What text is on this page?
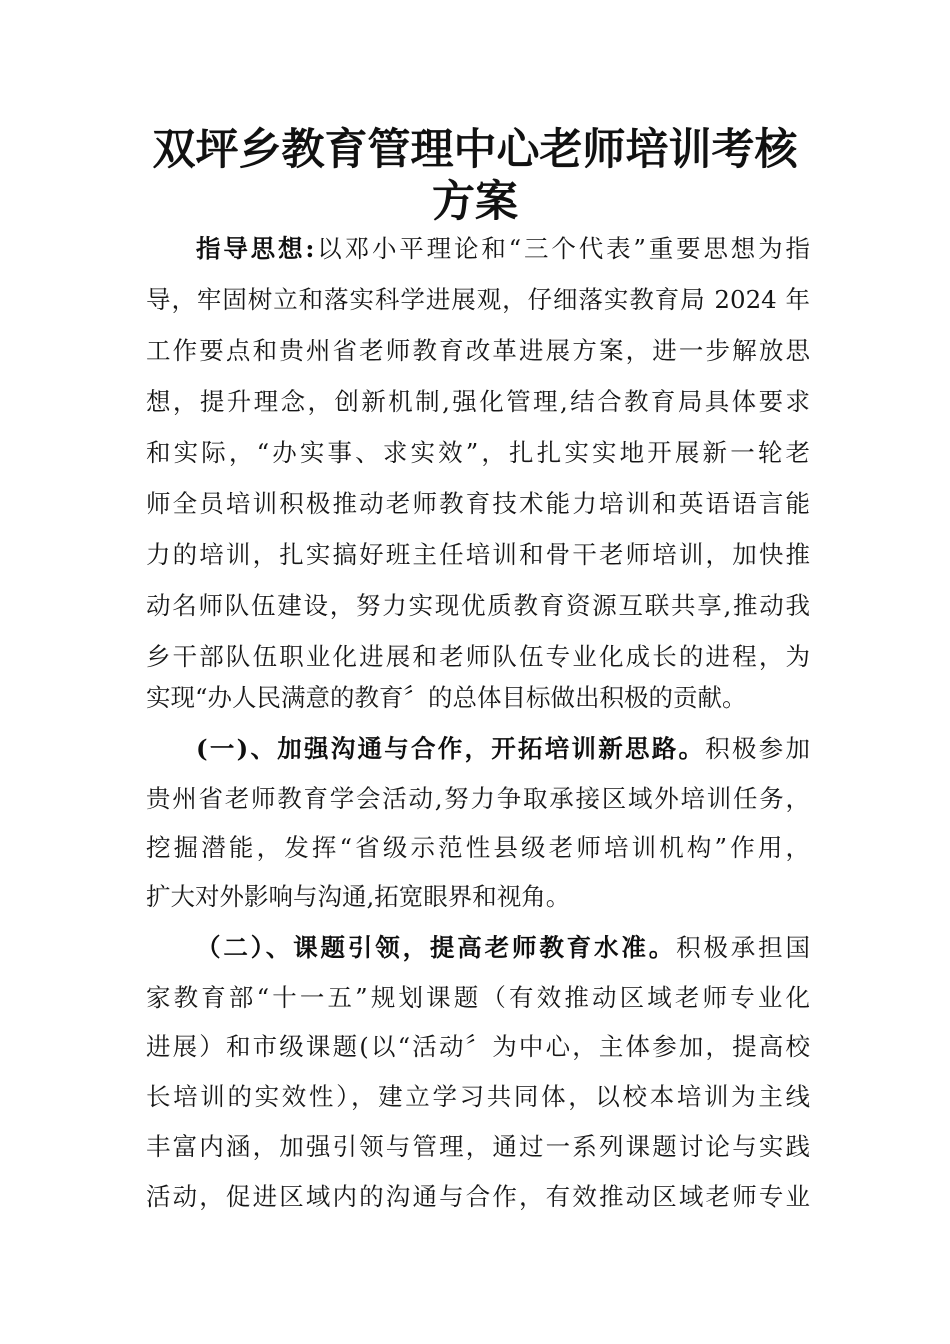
双坪乡教育管理中心老师培训考核
方案
指导思想:以邓小平理论和“三个代表”重要思想为指
导，牢固树立和落实科学进展观，仔细落实教育局 2024 年
工作要点和贵州省老师教育改革进展方案，进一步解放思
想，提升理念，创新机制,强化管理,结合教育局具体要求
和实际，“办实事、求实效”，扎扎实实地开展新一轮老
师全员培训积极推动老师教育技术能力培训和英语语言能
力的培训，扎实搞好班主任培训和骨干老师培训，加快推
动名师队伍建设，努力实现优质教育资源互联共享,推动我
乡干部队伍职业化进展和老师队伍专业化成长的进程，为
实现“办人民满意的教育〞的总体目标做出积极的贡献。
(一)、加强沟通与合作，开拓培训新思路。积极参加
贵州省老师教育学会活动,努力争取承接区域外培训任务，
挖掘潜能，发挥“省级示范性县级老师培训机构”作用，
扩大对外影响与沟通,拓宽眼界和视角。
（二）、课题引领，提高老师教育水准。积极承担国
家教育部“十一五”规划课题（有效推动区域老师专业化
进展）和市级课题(以“活动〞为中心，主体参加，提高校
长培训的实效性），建立学习共同体，以校本培训为主线
丰富内涵，加强引领与管理，通过一系列课题讨论与实践
活动，促进区域内的沟通与合作，有效推动区域老师专业
